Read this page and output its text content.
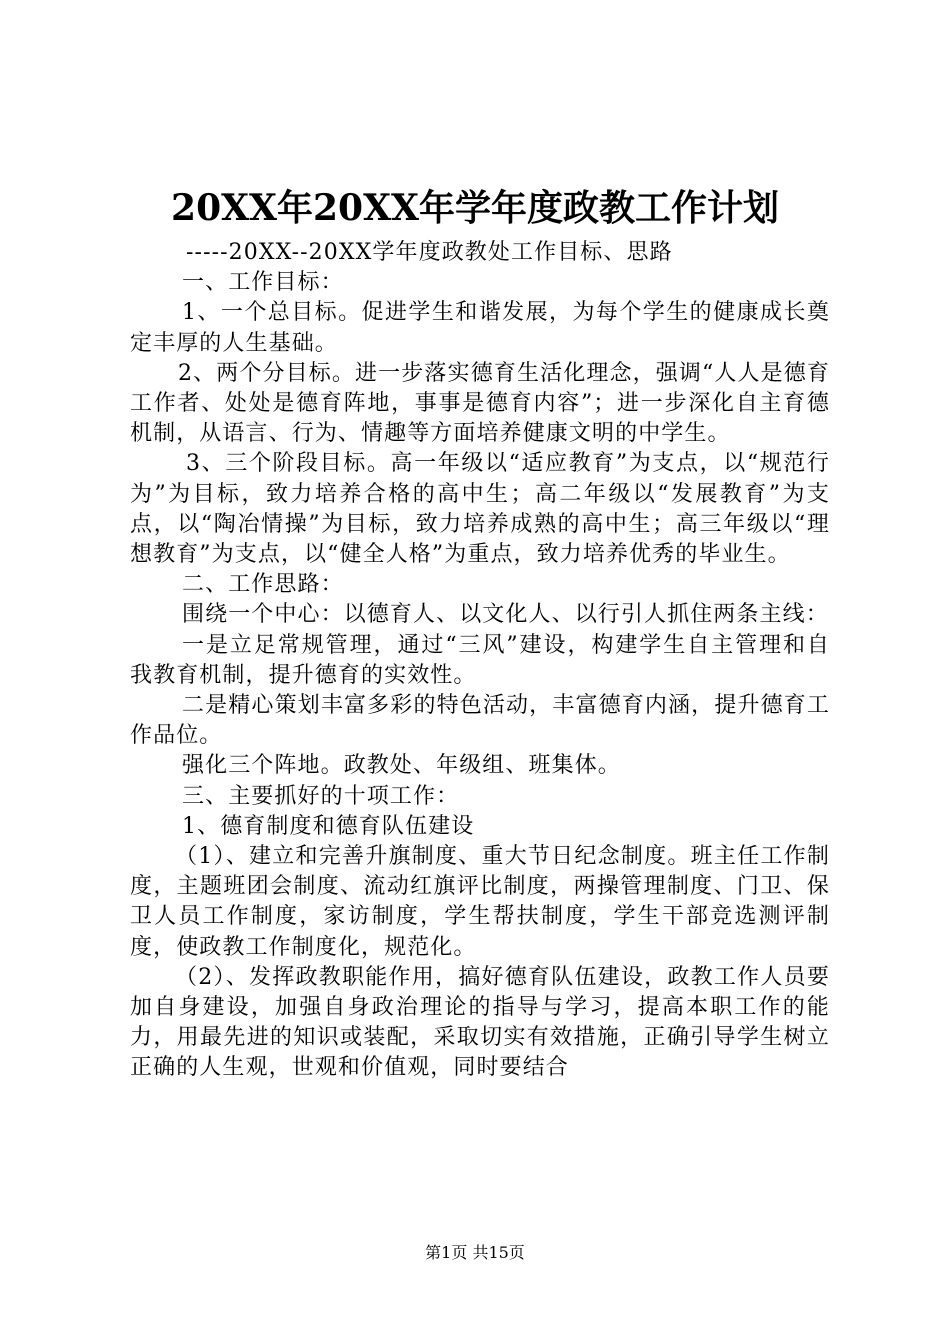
20XX年20XX年学年度政教工作计划

-----20XX--20XX学年度政教处工作目标、思路

一、工作目标：

1、一个总目标。促进学生和谐发展，为每个学生的健康成长奠定丰厚的人生基础。

2、两个分目标。进一步落实德育生活化理念，强调“人人是德育工作者、处处是德育阵地，事事是德育内容”；进一步深化自主育德机制，从语言、行为、情趣等方面培养健康文明的中学生。

3、三个阶段目标。高一年级以“适应教育”为支点，以“规范行为”为目标，致力培养合格的高中生；高二年级以“发展教育”为支点，以“陶冶情操”为目标，致力培养成熟的高中生；高三年级以“理想教育”为支点，以“健全人格”为重点，致力培养优秀的毕业生。

二、工作思路：

围绕一个中心：以德育人、以文化人、以行引人抓住两条主线：

一是立足常规管理，通过“三风”建设，构建学生自主管理和自我教育机制，提升德育的实效性。

二是精心策划丰富多彩的特色活动，丰富德育内涵，提升德育工作品位。

强化三个阵地。政教处、年级组、班集体。

三、主要抓好的十项工作：

1、德育制度和德育队伍建设

（1）、建立和完善升旗制度、重大节日纪念制度。班主任工作制度，主题班团会制度、流动红旗评比制度，两操管理制度、门卫、保卫人员工作制度，家访制度，学生帮扶制度，学生干部竞选测评制度，使政教工作制度化，规范化。

（2）、发挥政教职能作用，搞好德育队伍建设，政教工作人员要加自身建设，加强自身政治理论的指导与学习，提高本职工作的能力，用最先进的知识或装配，采取切实有效措施，正确引导学生树立正确的人生观，世观和价值观，同时要结合

第1页 共15页
